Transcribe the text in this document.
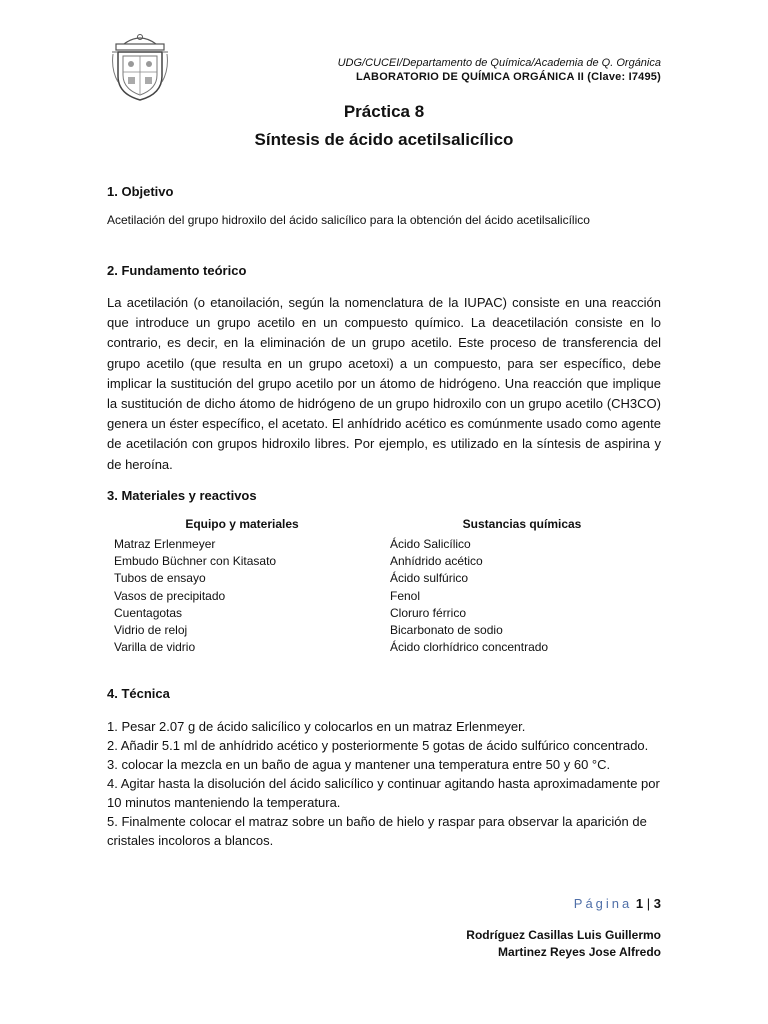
UDG/CUCEI/Departamento de Química/Academia de Q. Orgánica
LABORATORIO DE QUÍMICA ORGÁNICA II (Clave: I7495)
Práctica 8
Síntesis de ácido acetilsalicílico
1. Objetivo
Acetilación del grupo hidroxilo del ácido salicílico para la obtención del ácido acetilsalicílico
2. Fundamento teórico
La acetilación (o etanoilación, según la nomenclatura de la IUPAC) consiste en una reacción que introduce un grupo acetilo en un compuesto químico. La deacetilación consiste en lo contrario, es decir, en la eliminación de un grupo acetilo. Este proceso de transferencia del grupo acetilo (que resulta en un grupo acetoxi) a un compuesto, para ser específico, debe implicar la sustitución del grupo acetilo por un átomo de hidrógeno. Una reacción que implique la sustitución de dicho átomo de hidrógeno de un grupo hidroxilo con un grupo acetilo (CH3CO) genera un éster específico, el acetato. El anhídrido acético es comúnmente usado como agente de acetilación con grupos hidroxilo libres. Por ejemplo, es utilizado en la síntesis de aspirina y de heroína.
3. Materiales y reactivos
Equipo y materiales
Matraz Erlenmeyer
Embudo Büchner con Kitasato
Tubos de ensayo
Vasos de precipitado
Cuentagotas
Vidrio de reloj
Varilla de vidrio
Sustancias químicas
Ácido Salicílico
Anhídrido acético
Ácido sulfúrico
Fenol
Cloruro férrico
Bicarbonato de sodio
Ácido clorhídrico concentrado
4. Técnica
1. Pesar 2.07 g de ácido salicílico y colocarlos en un matraz Erlenmeyer.
2. Añadir 5.1 ml de anhídrido acético y posteriormente 5 gotas de ácido sulfúrico concentrado.
3. colocar la mezcla en un baño de agua y mantener una temperatura entre 50 y 60 °C.
4. Agitar hasta la disolución del ácido salicílico y continuar agitando hasta aproximadamente por 10 minutos manteniendo la temperatura.
5. Finalmente colocar el matraz sobre un baño de hielo y raspar para observar la aparición de cristales incoloros a blancos.
Página 1 | 3
Rodríguez Casillas Luis Guillermo
Martinez Reyes Jose Alfredo
